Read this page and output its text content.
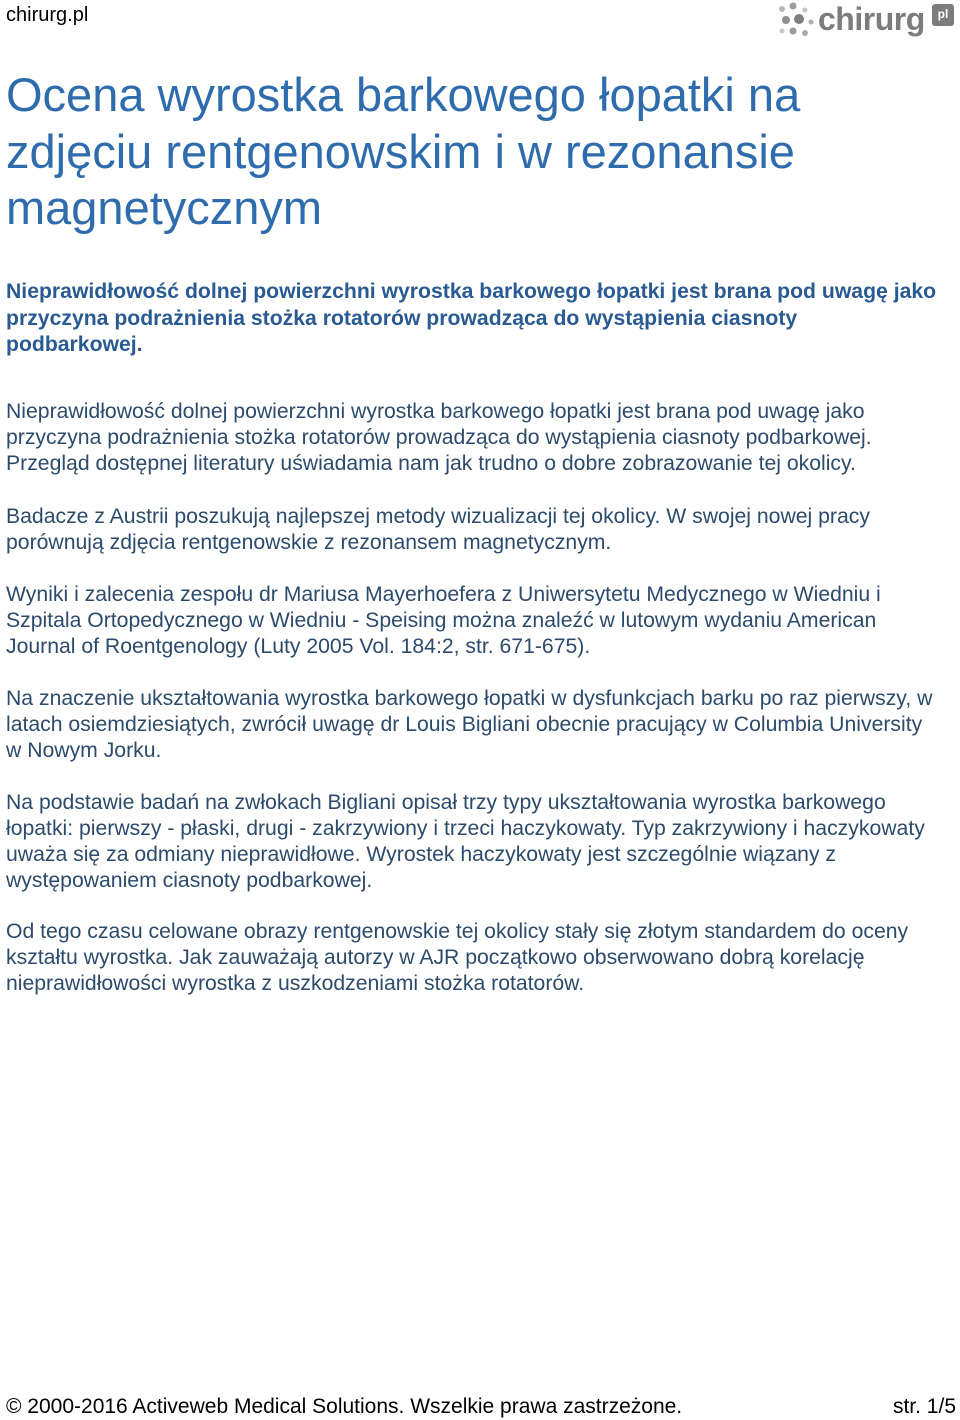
chirurg.pl	chirurg	pl
Ocena wyrostka barkowego łopatki na
zdjęciu rentgenowskim i w rezonansie
magnetycznym
Nieprawidłowość dolnej powierzchni wyrostka barkowego łopatki jest brana pod uwagę jako
przyczyna podrażnienia stożka rotatorów prowadząca do wystąpienia ciasnoty
podbarkowej.
Nieprawidłowość dolnej powierzchni wyrostka barkowego łopatki jest brana pod uwagę jako
przyczyna podrażnienia stożka rotatorów prowadząca do wystąpienia ciasnoty podbarkowej.
Przegląd dostępnej literatury uświadamia nam jak trudno o dobre zobrazowanie tej okolicy.
Badacze z Austrii poszukują najlepszej metody wizualizacji tej okolicy. W swojej nowej pracy
porównują zdjęcia rentgenowskie z rezonansem magnetycznym.
Wyniki i zalecenia zespołu dr Mariusa Mayerhoefera z Uniwersytetu Medycznego w Wiedniu i
Szpitala Ortopedycznego w Wiedniu - Speising można znaleźć w lutowym wydaniu American
Journal of Roentgenology (Luty 2005 Vol. 184:2, str. 671-675).
Na znaczenie ukształtowania wyrostka barkowego łopatki w dysfunkcjach barku po raz pierwszy, w
latach osiemdziesiątych, zwrócił uwagę dr Louis Bigliani obecnie pracujący w Columbia University
w Nowym Jorku.
Na podstawie badań na zwłokach Bigliani opisał trzy typy ukształtowania wyrostka barkowego
łopatki: pierwszy - płaski, drugi - zakrzywiony i trzeci haczykowaty. Typ zakrzywiony i haczykowaty
uważa się za odmiany nieprawidłowe. Wyrostek haczykowaty jest szczególnie wiązany z
występowaniem ciasnoty podbarkowej.
Od tego czasu celowane obrazy rentgenowskie tej okolicy stały się złotym standardem do oceny
kształtu wyrostka. Jak zauważają autorzy w AJR początkowo obserwowano dobrą korelację
nieprawidłowości wyrostka z uszkodzeniami stożka rotatorów.
© 2000-2016 Activeweb Medical Solutions. Wszelkie prawa zastrzeżone.	str. 1/5
